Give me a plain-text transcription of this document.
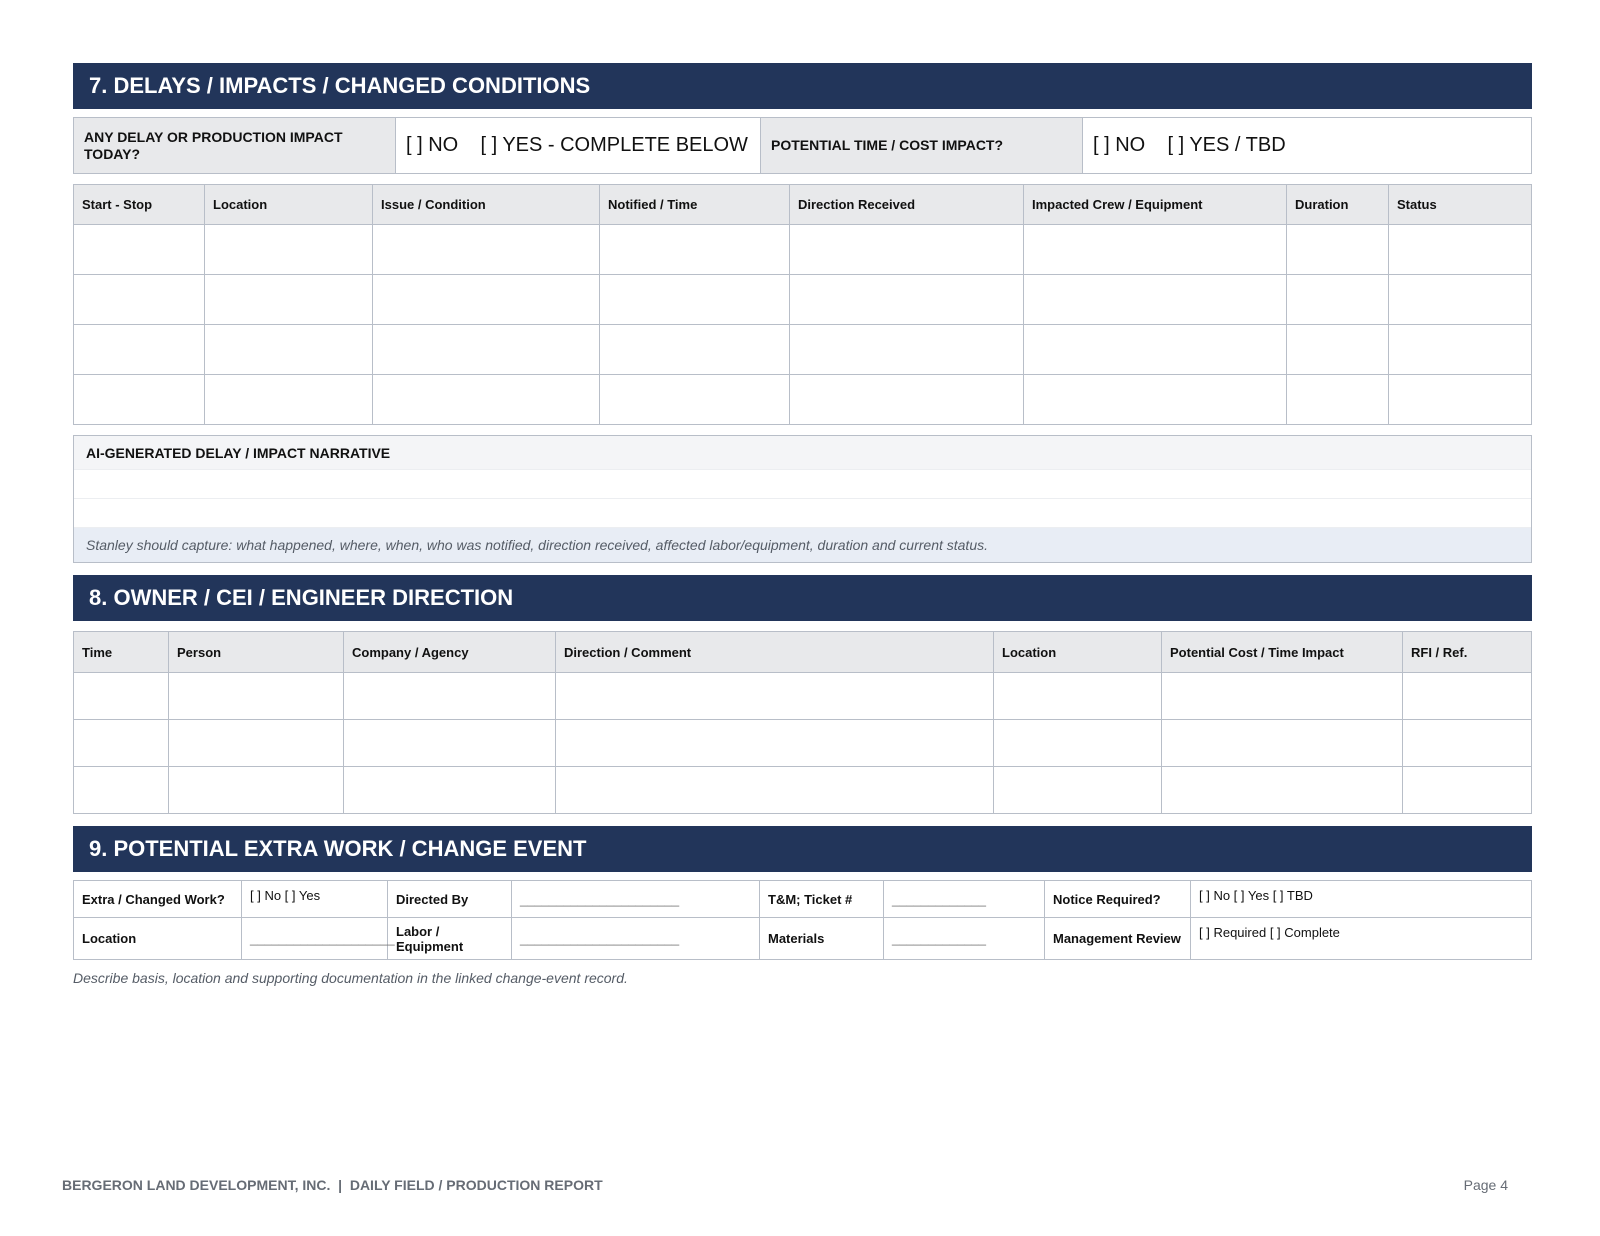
7. DELAYS / IMPACTS / CHANGED CONDITIONS
ANY DELAY OR PRODUCTION IMPACT TODAY?	[ ] NO    [ ] YES - COMPLETE BELOW	POTENTIAL TIME / COST IMPACT?	[ ] NO    [ ] YES / TBD
Start - Stop	Location	Issue / Condition	Notified / Time	Direction Received	Impacted Crew / Equipment	Duration	Status

AI-GENERATED DELAY / IMPACT NARRATIVE
Stanley should capture: what happened, where, when, who was notified, direction received, affected labor/equipment, duration and current status.
8. OWNER / CEI / ENGINEER DIRECTION
Time	Person	Company / Agency	Direction / Comment	Location	Potential Cost / Time Impact	RFI / Ref.

9. POTENTIAL EXTRA WORK / CHANGE EVENT
Extra / Changed Work?	[ ] No [ ] Yes	Directed By	______________________	T&M; Ticket #	_____________	Notice Required?	[ ] No [ ] Yes [ ] TBD
Location	____________________	Labor / Equipment	______________________	Materials	_____________	Management Review	[ ] Required [ ] Complete
Describe basis, location and supporting documentation in the linked change-event record.
BERGERON LAND DEVELOPMENT, INC.  |  DAILY FIELD / PRODUCTION REPORT	Page 4
